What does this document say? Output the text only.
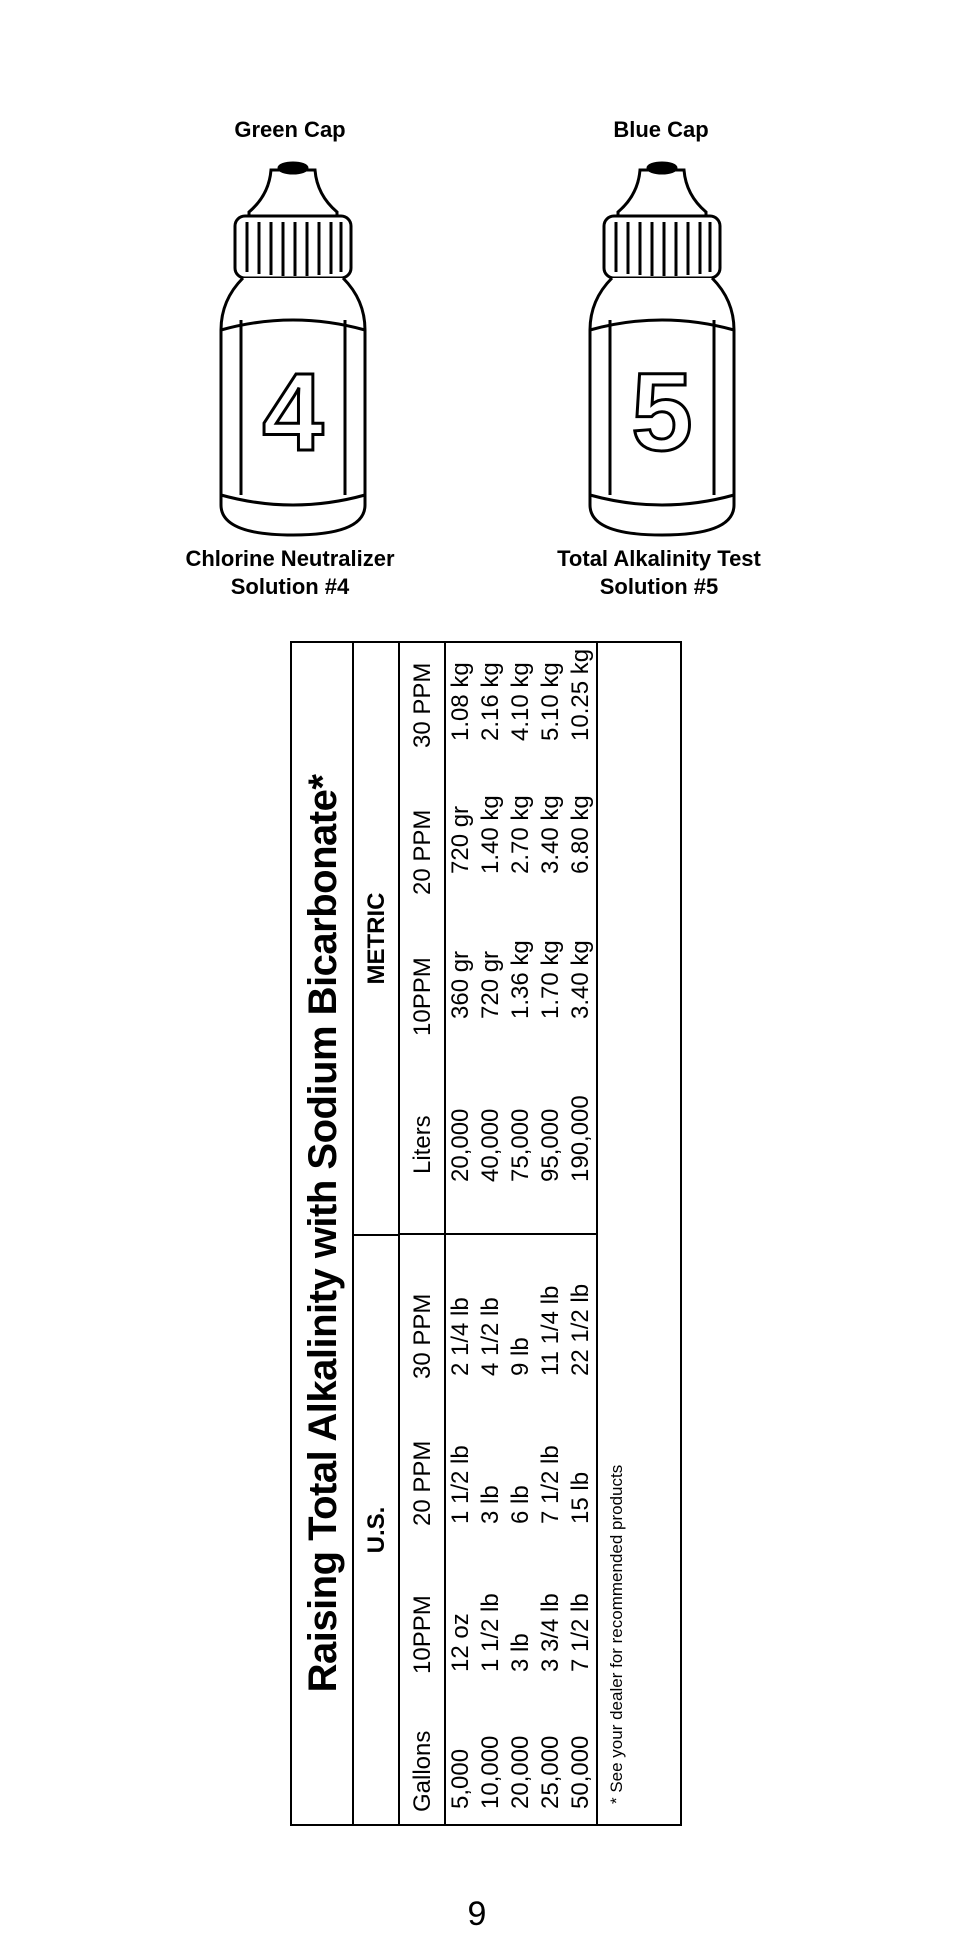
Green Cap
4
Chlorine Neutralizer
Solution #4
Blue Cap
5
Total Alkalinity Test
Solution #5
Raising Total Alkalinity with Sodium Bicarbonate* U.S.
METRIC
Gallons
10PPM
20 PPM
30 PPM
Liters
10PPM
20 PPM
30 PPM
5,000
12 oz
1 1/2 lb
2 1/4 lb
20,000
360 gr
720 gr
1.08 kg
10,000
1 1/2 lb
3 lb
4 1/2 lb
40,000
720 gr
1.40 kg
2.16 kg
20,000
3 lb
6 lb
9 lb
75,000
1.36 kg
2.70 kg
4.10 kg
25,000
3 3/4 lb
7 1/2 lb
11 1/4 lb
95,000
1.70 kg
3.40 kg
5.10 kg
50,000
7 1/2 lb
15 lb
22 1/2 lb
190,000
3.40 kg
6.80 kg
10.25 kg
* See your dealer for recommended products
9
